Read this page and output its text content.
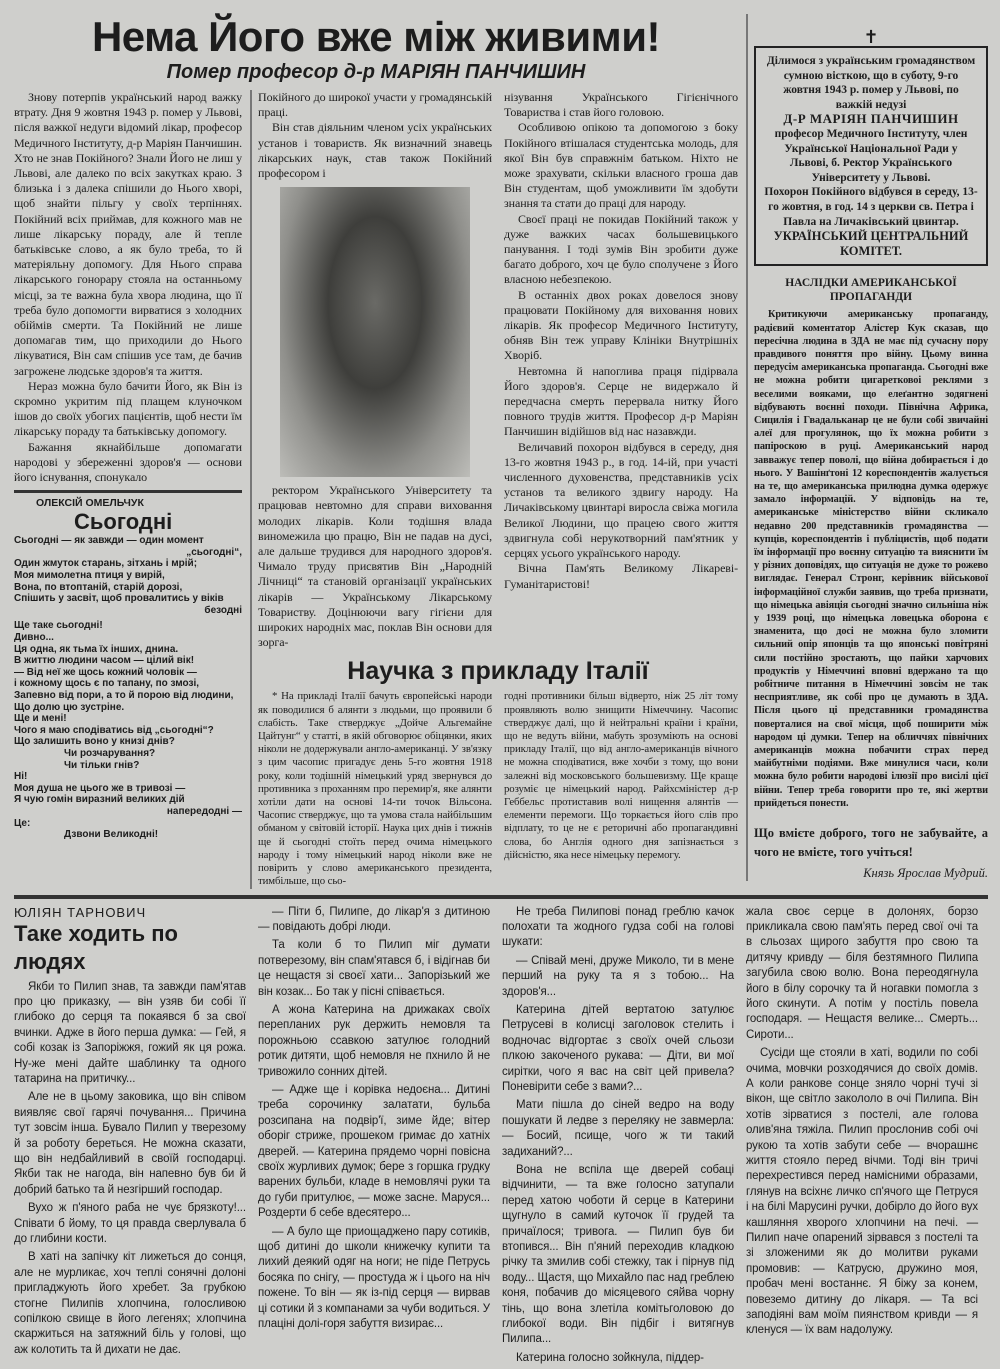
Нема Його вже між живими!
Помер професор д-р МАРІЯН ПАНЧИШИН

Знову потерпів український народ важку втрату. Дня 9 жовтня 1943 р. помер у Львові, після важкої недуги відомий лікар, професор Медичного Інституту, д-р Маріян Панчишин. Хто не знав Покійного? Знали Його не лиш у Львові, але далеко по всіх закутках краю. З близька і з далека спішили до Нього хворі, щоб знайти пільгу у своїх терпіннях. Покійний всіх приймав, для кожного мав не лише лікарську пораду, але й тепле батьківське слово, а як було треба, то й матеріяльну допомогу. Для Нього справа лікарського гонорару стояла на останньому місці, за те важна була хвора людина, що її треба було допомогти вирватися з холодних обіймів смерти. Та Покійний не лише допомагав тим, що приходили до Нього лікуватися, Він сам спішив усе там, де бачив загрожене людське здоров'я та життя.

Нераз можна було бачити Його, як Він із скромно укритим під плащем клуночком ішов до своїх убогих пацієнтів, щоб нести їм лікарську пораду та батьківську допомогу.

Бажання якнайбільше допомагати народові у збереженні здоров'я — основи його існування, спонукало

ОЛЕКСІЙ ОМЕЛЬЧУК
Сьогодні
Сьогодні — як завжди — один момент
„сьогодні“,
Один жмуток старань, зітхань і мрій;
Моя мимолетна птиця у вирій,
Вона, по втоптаній, старій дорозі,
Спішить у засвіт, щоб провалитись у віків
безодні
Ще таке сьогодні!
Дивно...
Ця одна, як тьма їх інших, днина.
В життю людини часом — цілий вік!
— Від неї же щось кожний чоловік —
і кожному щось є по тапану, по змозі,
Запевно від пори, а то й порою від людини,
Що долю цю зустріне.
Ще и мені!
Чого я маю сподіватись від „сьогодні“?
Що залишить воно у книзі днів?
Чи розчарування?
Чи тільки гнів?
Ні!
Моя душа не цього же в тривозі —
Я чую гомін виразний великих дій
напередодні —
Це:
Дзвони Великодні!

Покійного до широкої участи у громадянській праці.

Він став діяльним членом усіх українських установ і товариств. Як визначний знавець лікарських наук, став також Покійний професором і

ректором Українського Університету та працював невтомно для справи виховання молодих лікарів. Коли тодішня влада виномежила цю працю, Він не падав на дусі, але дальше трудився для народного здоров'я. Чимало труду присвятив Він „Народній Лічниці“ та становій організації українських лікарів — Українському Лікарському Товариству. Доцінюючи вагу гігієни для широких народніх мас, поклав Він основи для зорга-

нізування Українського Гігієнічного Товариства і став його головою.

Особливою опікою та допомогою з боку Покійного втішалася студентська молодь, для якої Він був справжнім батьком. Ніхто не може зрахувати, скільки власного гроша дав Він студентам, щоб уможливити їм здобути знання та стати до праці для народу.

Своєї праці не покидав Покійний також у дуже важких часах большевицького панування. І тоді зумів Він зробити дуже багато доброго, хоч це було сполучене з Його власною небезпекою.

В останніх двох роках довелося знову працювати Покійному для виховання нових лікарів. Як професор Медичного Інституту, обняв Він теж управу Клініки Внутрішніх Хворіб.

Невтомна й напоглива праця підірвала Його здоров'я. Серце не видержало й передчасна смерть перервала нитку Його повного трудів життя. Професор д-р Маріян Панчишин відійшов від нас назавжди.

Величавий похорон відбувся в середу, дня 13-го жовтня 1943 р., в год. 14-ій, при участі численного духовенства, представників усіх установ та великого здвигу народу. На Личаківському цвинтарі виросла свіжа могила Великої Людини, що працею свого життя здвигнула собі нерукотворний пам'ятник у серцях усього українського народу.

Вічна Пам'ять Великому Лікареві-Гуманітаристові!

Научка з прикладу Італії

* На прикладі Італії бачуть європейські народи як поводилися б алянти з людьми, що проявили б слабість. Таке стверджує „Дойче Альгемайне Цайтунг“ у статті, в якій обговорює обіцянки, яких ніколи не додержували англо-американці. У зв'язку з цим часопис пригадує день 5-го жовтня 1918 року, коли тодішній німецький уряд звернувся до противника з проханням про перемир'я, яке алянти хотіли дати на основі 14-ти точок Вільсона. Часопис стверджує, що та умова стала найбільшим обманом у світовій історії. Наука цих днів і тижнів ще й сьогодні стоїть перед очима німецького народу і тому німецький народ ніколи вже не повірить у слово американського президента, тимбільше, що сьо-

годні противники більш відверто, ніж 25 літ тому проявляють волю знищити Німеччину. Часопис стверджує далі, що й нейтральні країни і країни, що не ведуть війни, мабуть зрозуміють на основі прикладу Італії, що від англо-американців вічного не можна сподіватися, вже хочби з тому, що вони залежні від московського большевизму. Ще краще розуміє це німецький народ. Райхсміністер д-р Геббельс протиставив волі нищення алянтів — елементи перемоги. Що торкається його слів про відплату, то це не є реторичні або пропагандивні слова, бо Англія одного дня запізнається з дійсністю, яка несе німецьку перемогу.

✝
Ділимося з українським громадянством сумною вісткою, що в суботу, 9-го жовтня 1943 р. помер у Львові, по важкій недузі
Д-Р МАРІЯН ПАНЧИШИН
професор Медичного Інституту, член Української Національної Ради у Львові, б. Ректор Українського Університету у Львові.
Похорон Покійного відбувся в середу, 13-го жовтня, в год. 14 з церкви св. Петра і Павла на Личаківський цвинтар.
УКРАЇНСЬКИЙ ЦЕНТРАЛЬНИЙ КОМІТЕТ.
НАСЛІДКИ АМЕРИКАНСЬКОЇ ПРОПАГАНДИ

Критикуючи американську пропаганду, радієвий коментатор Алістер Кук сказав, що пересічна людина в ЗДА не має під сучасну пору правдивого поняття про війну. Цьому винна передусім американська пропаганда. Сьогодні вже не можна робити цигаретковоі реклями з веселими вояками, що елеґантно зодягнені відбувають воєнні походи. Північна Африка, Сицилія і Гвадалькaнар це не були собі звичайні алеї для прогулянок, що їх можна робити з папіроскою в руці. Американський народ завважує тепер поволі, що війна добирається і до нього. У Вашінґтоні 12 кореспондентів жалується на те, що американська прилюдна думка одержує замало інформацій. У відповідь на те, американське міністерство війни скликало недавно 200 представників громадянства — купців, кореспондентів і публіцистів, щоб подати їм інформації про воєнну ситуацію та вияснити їм у різних доповідях, що ситуація не дуже то рожево виглядає. Генерал Стронг, керівник військової інформаційної служби заявив, що треба признати, що німецька авіяція сьогодні значно сильніша ніж у 1939 році, що німецька ловецька оборона є знаменита, що досі не можна було зломити сильний опір японців та що японські повітряні сили постійно зростають, що пайки харчових продуктів у Німеччині вповні вдержано та що робітниче питання в Німеччині зовсім не так несприятливе, як собі про це думають в ЗДА. Після цього ці представники громадянства поверталися на свої місця, щоб поширити між народом ці думки. Тепер на обличчях північних американців можна побачити страх перед майбутніми подіями. Вже минулися часи, коли можна було робити народові ілюзії про висілі цієї війни. Тепер треба говорити про те, які жертви прийдеться понести.

Що вмієте доброго, того не забувайте, а чого не вмієте, того учіться!
Князь Ярослав Мудрий.
ЮЛІЯН ТАРНОВИЧ
Таке ходить по людях

Якби то Пилип знав, та завжди пам'ятав про цю приказку, — він узяв би собі її глибоко до серця та покаявся б за свої вчинки. Адже в його перша думка: — Гей, я собі козак із Запоріжжя, гожий як ця рожа. Ну-же мені дайте шаблинку та одного татарина на притичку...

Але не в цьому заковика, що він співом виявляє свої гарячі почування... Причина тут зовсім інша. Бувало Пилип у тверезому й за роботу береться. Не можна сказати, що він недбайливий в своїй господарці. Якби так не нагода, він напевно був би й добрий батько та й незгірший господар.

Вухо ж п'яного раба не чує брязкоту!... Співати б йому, то ця правда сверлувала б до глибини кости.

В хаті на запічку кіт лижеться до сонця, але не мурликає, хоч теплі сонячні долоні пригладжують його хребет. За грубкою стогне Пилипів хлопчина, голосливою сопілкою свище в його легенях; хлопчина скаржиться на затяжний біль у голові, що аж колотить та й дихати не дає.

— Піти б, Пилипе, до лікар'я з дитиною — повідають добрі люди.

Та коли б то Пилип міг думати потверезому, він спам'ятався б, і відігнав би це нещастя зі своєї хати... Запорізький же він козак... Бо так у пісні співається.

А жона Катерина на дрижаках своїх перепланих рук держить немовля та порожньою ссавкою затулює голодний ротик дитяти, щоб немовля не пхнило й не тривожило сонних дітей.

— Адже ще і корівка недоєна... Дитині треба сорочинку залатати, бульба розсипана на подвір'ї, зиме йде; вітер оборіг стриже, прошеком гримає до хатніх дверей. — Катерина прядемо чорні повісна своїх журливих думок; бере з горшка грудку варених бульби, кладе в немовлячі руки та до губи притулює, — може засне. Маруся... Роздерти б себе вдесятеро...

— А було ще приощаджено пару сотиків, щоб дитині до школи книжечку купити та лихий деякий одяг на ноги; не піде Петрусь босяка по снігу, — простуда ж і цього на ніч пожене. То він — як із-під серця — вирвав ці сотики й з компанами за чуби водиться. У плаціні долі-горя забуття визирає...

Не треба Пилипові понад греблю качок полохати та жодного гудза собі на голові шукати:

— Співай мені, друже Миколо, ти в мене перший на руку та я з тобою... На здоров'я...

Катерина дітей вертатою затулює Петрусеві в колисці заголовок стелить і водночас відгортає з своїх очей сльози плкою закоченого рукава: — Діти, ви мої сирітки, чого я вас на світ цей привела? Поневірити себе з вами?...

Мати пішла до сіней ведро на воду пошукати й ледве з переляку не завмерла: — Босий, псище, чого ж ти такий задиханий?...

Вона не вспіла ще дверей собаці відчинити, — та вже голосно затупали перед хатою чоботи й серце в Катерини щугнуло в самий куточок її грудей та причаїлося; тривога. — Пилип був би втопився... Він п'яний переходив кладкою річку та змилив собі стежку, так і пірнув під воду... Щастя, що Михайло пас над греблею коня, побачив до місяцевого сяйва чорну тінь, що вона злетіла комітьголовою до глибокої води. Він підбіг і витягнув Пилипа...

Катерина голосно зойкнула, піддер-

жала своє серце в долонях, борзо прикликала свою пам'ять перед свої очі та в сльозах щирого забуття про свою та дитячу кривду — біля безтямного Пилипа загубила свою волю. Вона переодягнула його в білу сорочку та й ногавки помогла з його скинути. А потім у постіль повела господаря. — Нещастя велике... Смерть... Сироти...

Сусіди ще стояли в хаті, водили по собі очима, мовчки розходячися до своїх домів. А коли ранкове сонце зняло чорні тучі зі вікон, ще світло закололо в очі Пилипа. Він хотів зірватися з постелі, але голова олив'яна тяжіла. Пилип прослонив собі очі рукою та хотів забути себе — вчорашнє життя стояло перед вічми. Тоді він тричі перехрестився перед намісними образами, глянув на всіхнє личко сп'ячого ще Петруся і на білі Марусині ручки, добірло до його вух кашляння хворого хлопчини на печі. — Пилип наче опарений зірвався з постелі та зі зложеними як до молитви руками промовив: — Катрусю, дружино моя, пробач мені востаннє. Я біжу за конем, повеземо дитину до лікаря. — Та всі заподіяні вам моїм пиянством кривди — я кленуся — їх вам надолужу.
